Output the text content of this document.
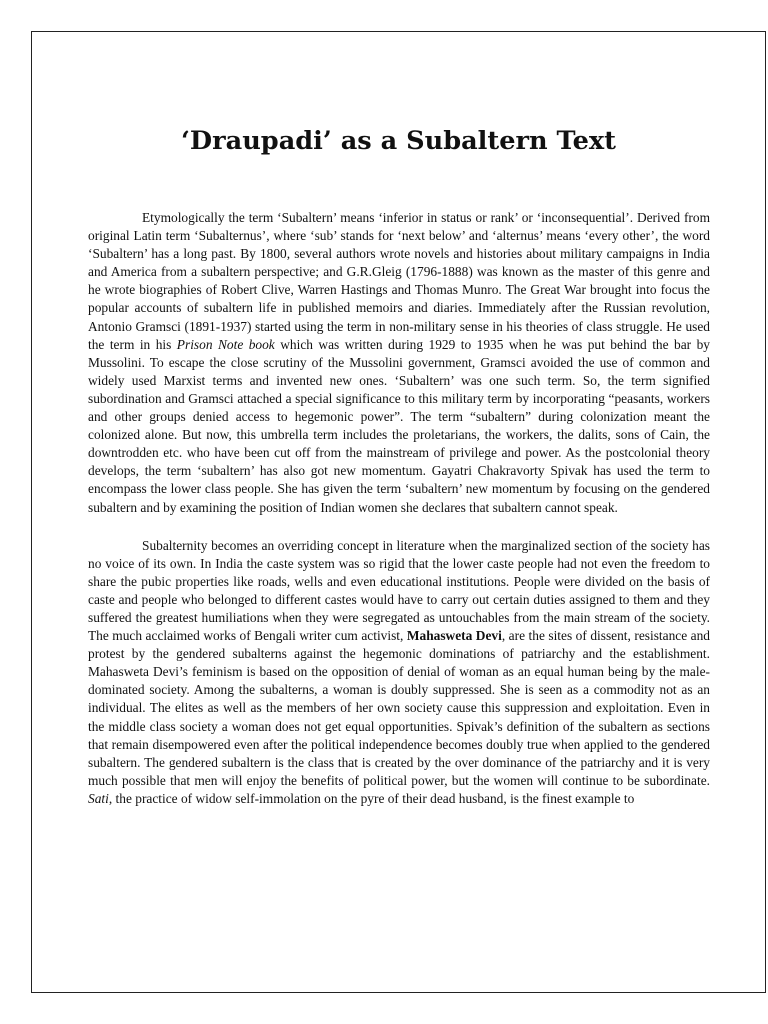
‘Draupadi’ as a Subaltern Text

Etymologically the term ‘Subaltern’ means ‘inferior in status or rank’ or ‘inconsequential’. Derived from original Latin term ‘Subalternus’, where ‘sub’ stands for ‘next below’ and ‘alternus’ means ‘every other’, the word ‘Subaltern’ has a long past. By 1800, several authors wrote novels and histories about military campaigns in India and America from a subaltern perspective; and G.R.Gleig (1796-1888) was known as the master of this genre and he wrote biographies of Robert Clive, Warren Hastings and Thomas Munro. The Great War brought into focus the popular accounts of subaltern life in published memoirs and diaries. Immediately after the Russian revolution, Antonio Gramsci (1891-1937) started using the term in non-military sense in his theories of class struggle. He used the term in his Prison Note book which was written during 1929 to 1935 when he was put behind the bar by Mussolini. To escape the close scrutiny of the Mussolini government, Gramsci avoided the use of common and widely used Marxist terms and invented new ones. ‘Subaltern’ was one such term. So, the term signified subordination and Gramsci attached a special significance to this military term by incorporating “peasants, workers and other groups denied access to hegemonic power”. The term “subaltern” during colonization meant the colonized alone. But now, this umbrella term includes the proletarians, the workers, the dalits, sons of Cain, the downtrodden etc. who have been cut off from the mainstream of privilege and power. As the postcolonial theory develops, the term ‘subaltern’ has also got new momentum. Gayatri Chakravorty Spivak has used the term to encompass the lower class people. She has given the term ‘subaltern’ new momentum by focusing on the gendered subaltern and by examining the position of Indian women she declares that subaltern cannot speak.

Subalternity becomes an overriding concept in literature when the marginalized section of the society has no voice of its own. In India the caste system was so rigid that the lower caste people had not even the freedom to share the pubic properties like roads, wells and even educational institutions. People were divided on the basis of caste and people who belonged to different castes would have to carry out certain duties assigned to them and they suffered the greatest humiliations when they were segregated as untouchables from the main stream of the society. The much acclaimed works of Bengali writer cum activist, Mahasweta Devi, are the sites of dissent, resistance and protest by the gendered subalterns against the hegemonic dominations of patriarchy and the establishment. Mahasweta Devi’s feminism is based on the opposition of denial of woman as an equal human being by the male-dominated society. Among the subalterns, a woman is doubly suppressed. She is seen as a commodity not as an individual. The elites as well as the members of her own society cause this suppression and exploitation. Even in the middle class society a woman does not get equal opportunities. Spivak’s definition of the subaltern as sections that remain disempowered even after the political independence becomes doubly true when applied to the gendered subaltern. The gendered subaltern is the class that is created by the over dominance of the patriarchy and it is very much possible that men will enjoy the benefits of political power, but the women will continue to be subordinate. Sati, the practice of widow self-immolation on the pyre of their dead husband, is the finest example to
